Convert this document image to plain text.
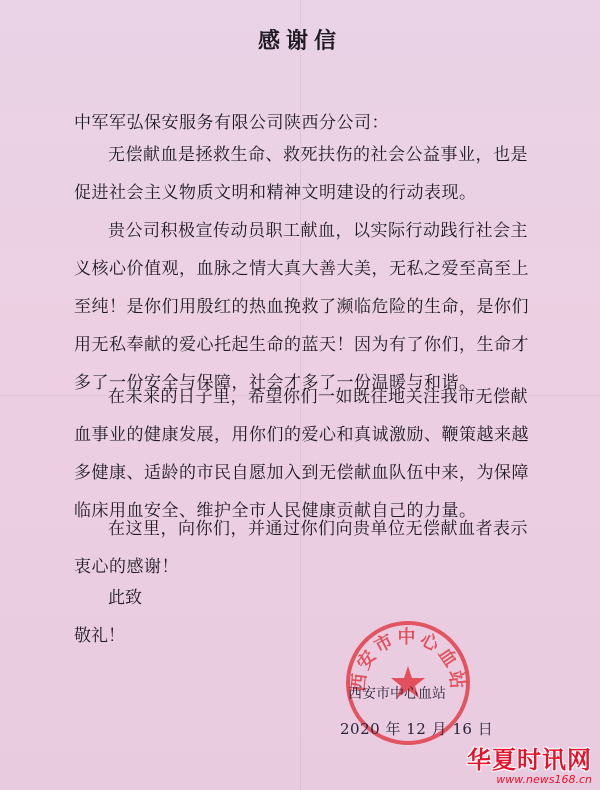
感谢信
中军军弘保安服务有限公司陕西分公司：
无偿献血是拯救生命、救死扶伤的社会公益事业，也是
促进社会主义物质文明和精神文明建设的行动表现。
贵公司积极宣传动员职工献血，以实际行动践行社会主
义核心价值观，血脉之情大真大善大美，无私之爱至高至上
至纯！是你们用殷红的热血挽救了濒临危险的生命，是你们
用无私奉献的爱心托起生命的蓝天！因为有了你们，生命才
多了一份安全与保障，社会才多了一份温暖与和谐。
在未来的日子里，希望你们一如既往地关注我市无偿献
血事业的健康发展，用你们的爱心和真诚激励、鞭策越来越
多健康、适龄的市民自愿加入到无偿献血队伍中来，为保障
临床用血安全、维护全市人民健康贡献自己的力量。
在这里，向你们，并通过你们向贵单位无偿献血者表示
衷心的感谢！
此致
敬礼！
西安市中心血站
西安市中心血站
2020 年 12 月 16 日
华夏时讯网
www.news168.cn
